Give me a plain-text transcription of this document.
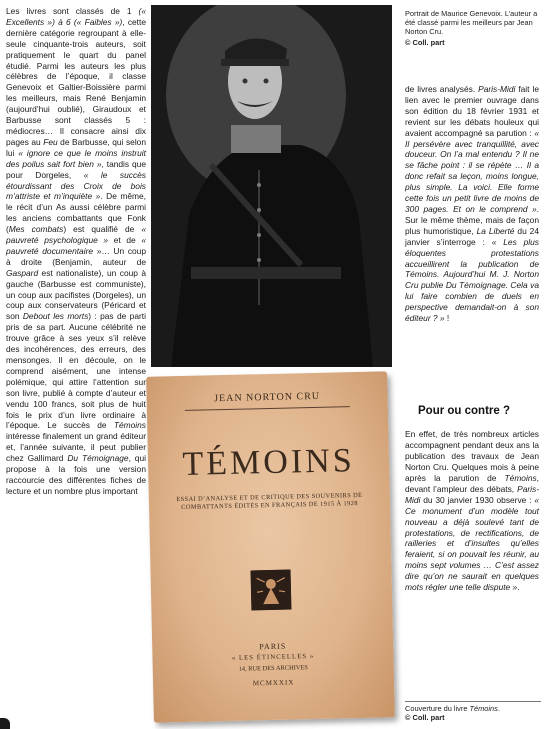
Les livres sont classés de 1 (« Excellents ») à 6 (« Faibles »), cette dernière catégorie regroupant à elle-seule cinquante-trois auteurs, soit pratiquement le quart du panel étudié. Parmi les auteurs les plus célèbres de l’époque, il classe Genevoix et Galtier-Boissière parmi les meilleurs, mais René Benjamin (aujourd’hui oublié), Giraudoux et Barbusse sont classés 5 : médiocres… Il consacre ainsi dix pages au Feu de Barbusse, qui selon lui « ignore ce que le moins instruit des poilus sait fort bien », tandis que pour Dorgeles, « le succès étourdissant des Croix de bois m’attriste et m’inquiète ». De même, le récit d’un As aussi célèbre parmi les anciens combattants que Fonk (Mes combats) est qualifié de « pauvreté psychologique » et de « pauvreté documentaire »… Un coup à droite (Benjamin, auteur de Gaspard est nationaliste), un coup à gauche (Barbusse est communiste), un coup aux pacifistes (Dorgeles), un coup aux conservateurs (Péricard et son Debout les morts) : pas de parti pris de sa part. Aucune célébrité ne trouve grâce à ses yeux s’il relève des incohérences, des erreurs, des mensonges. Il en découle, on le comprend aisément, une intense polémique, qui attire l’attention sur son livre, publié à compte d’auteur et vendu 100 francs, soit plus de huit fois le prix d’un livre ordinaire à l’époque. Le succès de Témoins intéresse finalement un grand éditeur et, l’année suivante, il peut publier chez Gallimard Du Témoignage, qui propose à la fois une version raccourcie des différentes fiches de lecture et un nombre plus important

Portrait de Maurice Genevoix. L’auteur a été classé parmi les meilleurs par Jean Norton Cru.
© Coll. part

de livres analysés. Paris-Midi fait le lien avec le premier ouvrage dans son édition du 18 février 1931 et revient sur les débats houleux qui avaient accompagné sa parution : « Il persévère avec tranquillité, avec douceur. On l’a mal entendu ? Il ne se fâche point : il se répète … Il a donc refait sa leçon, moins longue, plus simple. La voici. Elle forme cette fois un petit livre de moins de 300 pages. Et on le comprend ». Sur le même thème, mais de façon plus humoristique, La Liberté du 24 janvier s’interroge : « Les plus éloquentes protestations accueillirent la publication de Témoins. Aujourd’hui M. J. Norton Cru publie Du Témoignage. Cela va lui faire combien de duels en perspective demandait-on à son éditeur ? » !

Pour ou contre ?

En effet, de très nombreux articles accompagnent pendant deux ans la publication des travaux de Jean Norton Cru. Quelques mois à peine après la parution de Témoins, devant l’ampleur des débats, Paris-Midi du 30 janvier 1930 observe : « Ce monument d’un modèle tout nouveau a déjà soulevé tant de protestations, de rectifications, de railleries et d’insultes qu’elles feraient, si on pouvait les réunir, au moins sept volumes … C’est assez dire qu’on ne saurait en quelques mots régler une telle dispute ».

Couverture du livre Témoins.
© Coll. part
JEAN NORTON CRU
TÉMOINS
ESSAI D’ANALYSE ET DE CRITIQUE DES SOUVENIRS DE COMBATTANTS ÉDITÉS EN FRANÇAIS DE 1915 À 1928
PARIS
« LES ÉTINCELLES »
14, RUE DES ARCHIVES
MCMXXIX
